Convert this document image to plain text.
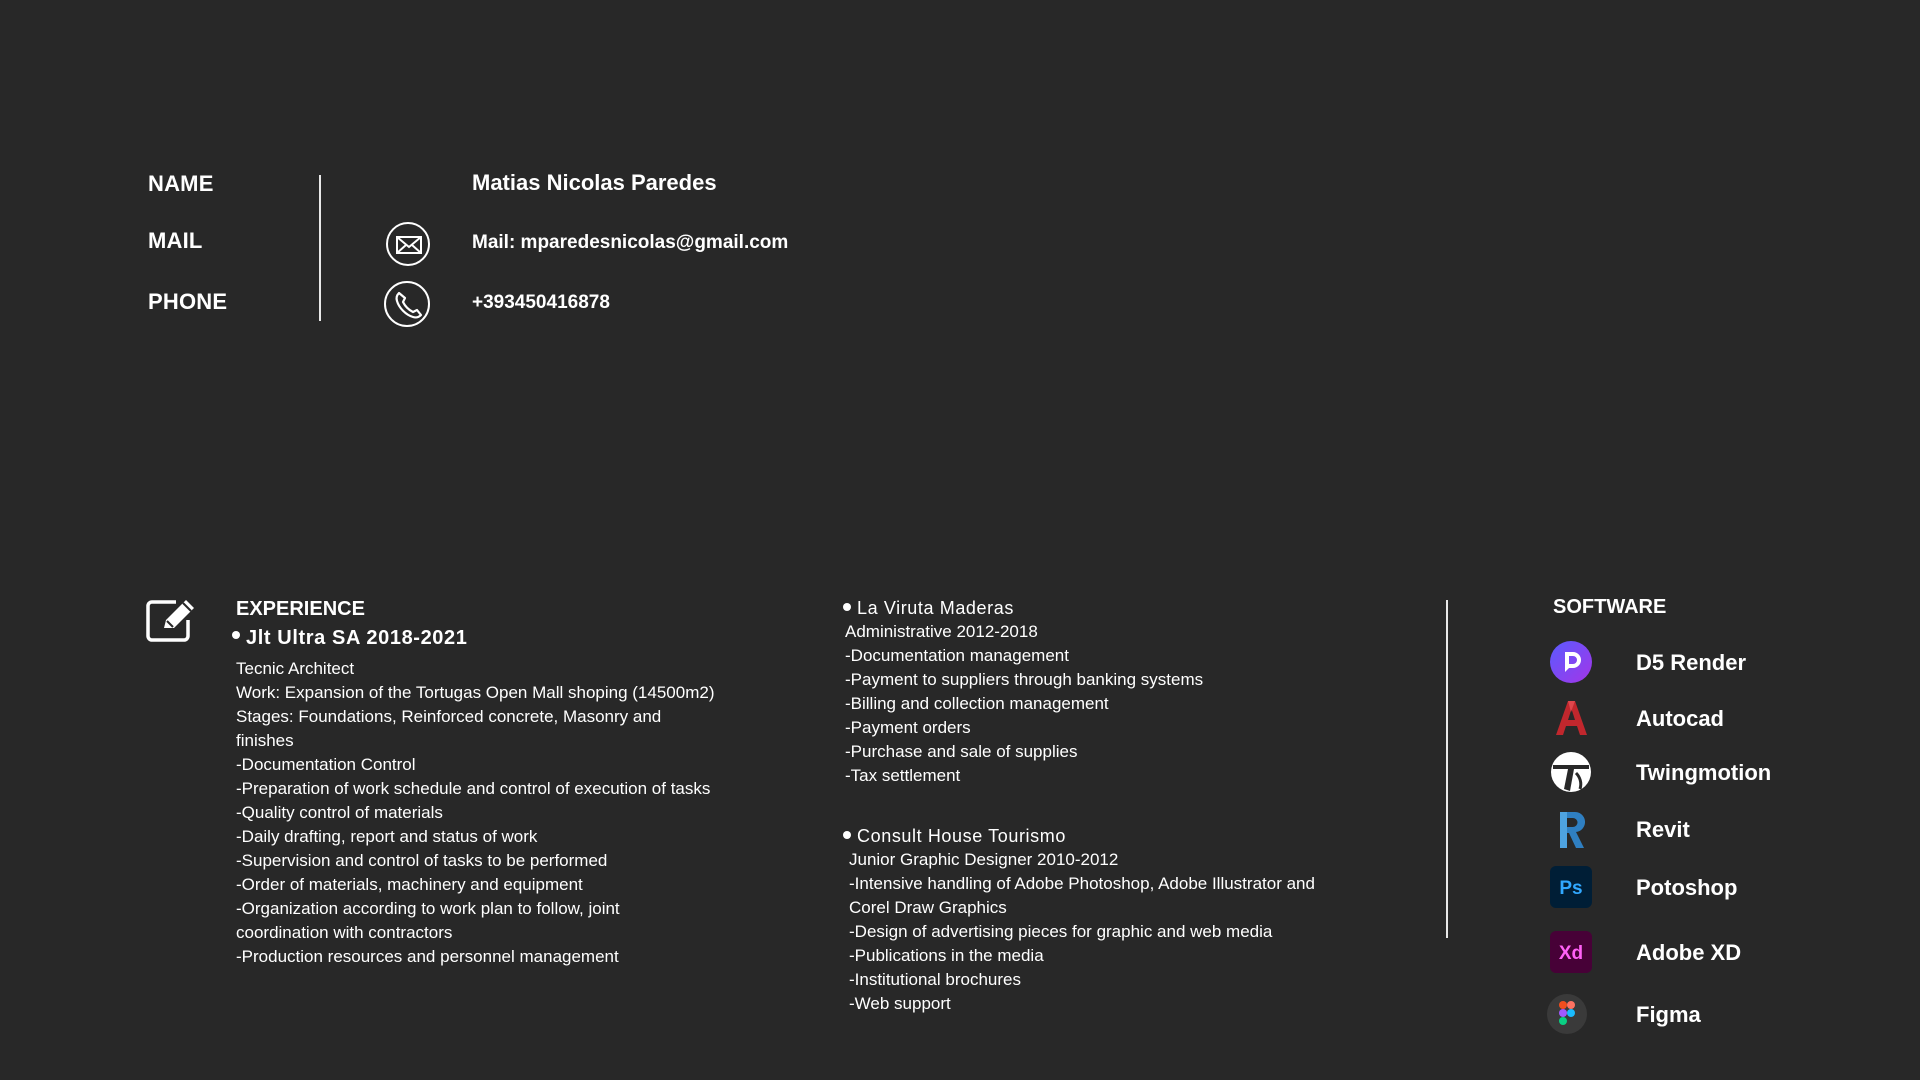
NAME
MAIL
PHONE
Matias Nicolas Paredes
Mail: mparedesnicolas@gmail.com
+393450416878
EXPERIENCE
Jlt Ultra SA 2018-2021
Tecnic Architect
Work: Expansion of the Tortugas Open Mall shoping (14500m2)
Stages: Foundations, Reinforced concrete, Masonry and
finishes
-Documentation Control
-Preparation of work schedule and control of execution of tasks
-Quality control of materials
-Daily drafting, report and status of work
-Supervision and control of tasks to be performed
-Order of materials, machinery and equipment
-Organization according to work plan to follow, joint
coordination with contractors
-Production resources and personnel management
La Viruta Maderas
Administrative 2012-2018
-Documentation management
-Payment to suppliers through banking systems
-Billing and collection management
-Payment orders
-Purchase and sale of supplies
-Tax settlement
Consult House Tourismo
Junior Graphic Designer 2010-2012
-Intensive handling of Adobe Photoshop, Adobe Illustrator and
Corel Draw Graphics
-Design of advertising pieces for graphic and web media
-Publications in the media
-Institutional brochures
-Web support
SOFTWARE
D5 Render
Autocad
Twingmotion
Revit
Ps Potoshop
Xd Adobe XD
Figma
